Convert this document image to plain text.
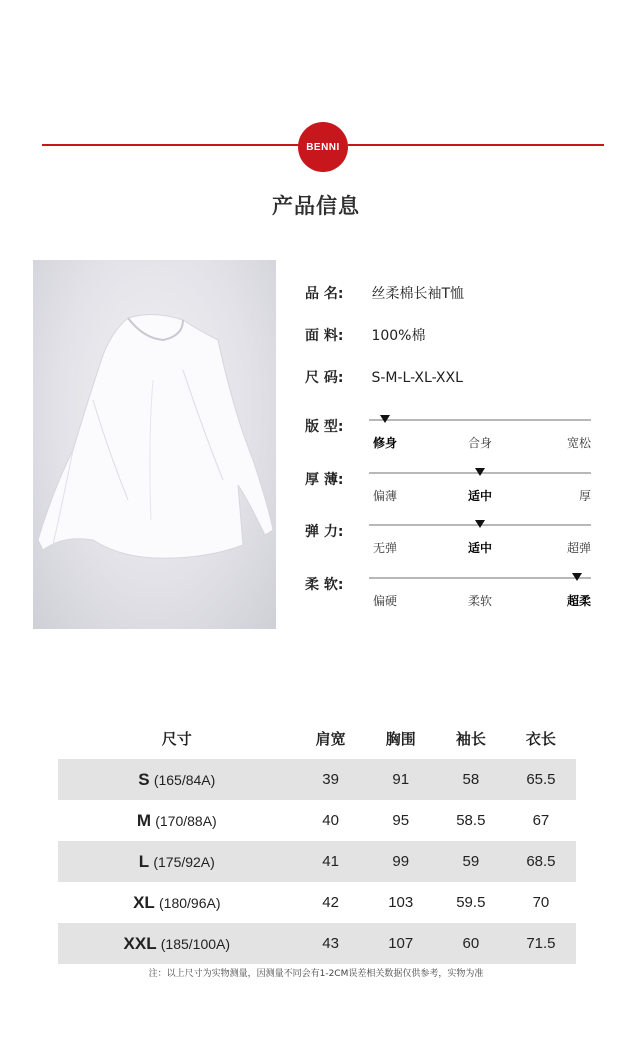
BENNI
产品信息
品 名: 丝柔棉长袖T恤
面 料: 100%棉
尺 码: S-M-L-XL-XXL
版 型:
修身	合身	宽松
厚 薄:
偏薄	适中	厚
弹 力:
无弹	适中	超弹
柔 软:
偏硬	柔软	超柔
尺寸	肩宽	胸围	袖长	衣长
S (165/84A)	39	91	58	65.5
M (170/88A)	40	95	58.5	67
L (175/92A)	41	99	59	68.5
XL (180/96A)	42	103	59.5	70
XXL (185/100A)	43	107	60	71.5
注：以上尺寸为实物测量，因测量不同会有1-2CM误差相关数据仅供参考，实物为准
